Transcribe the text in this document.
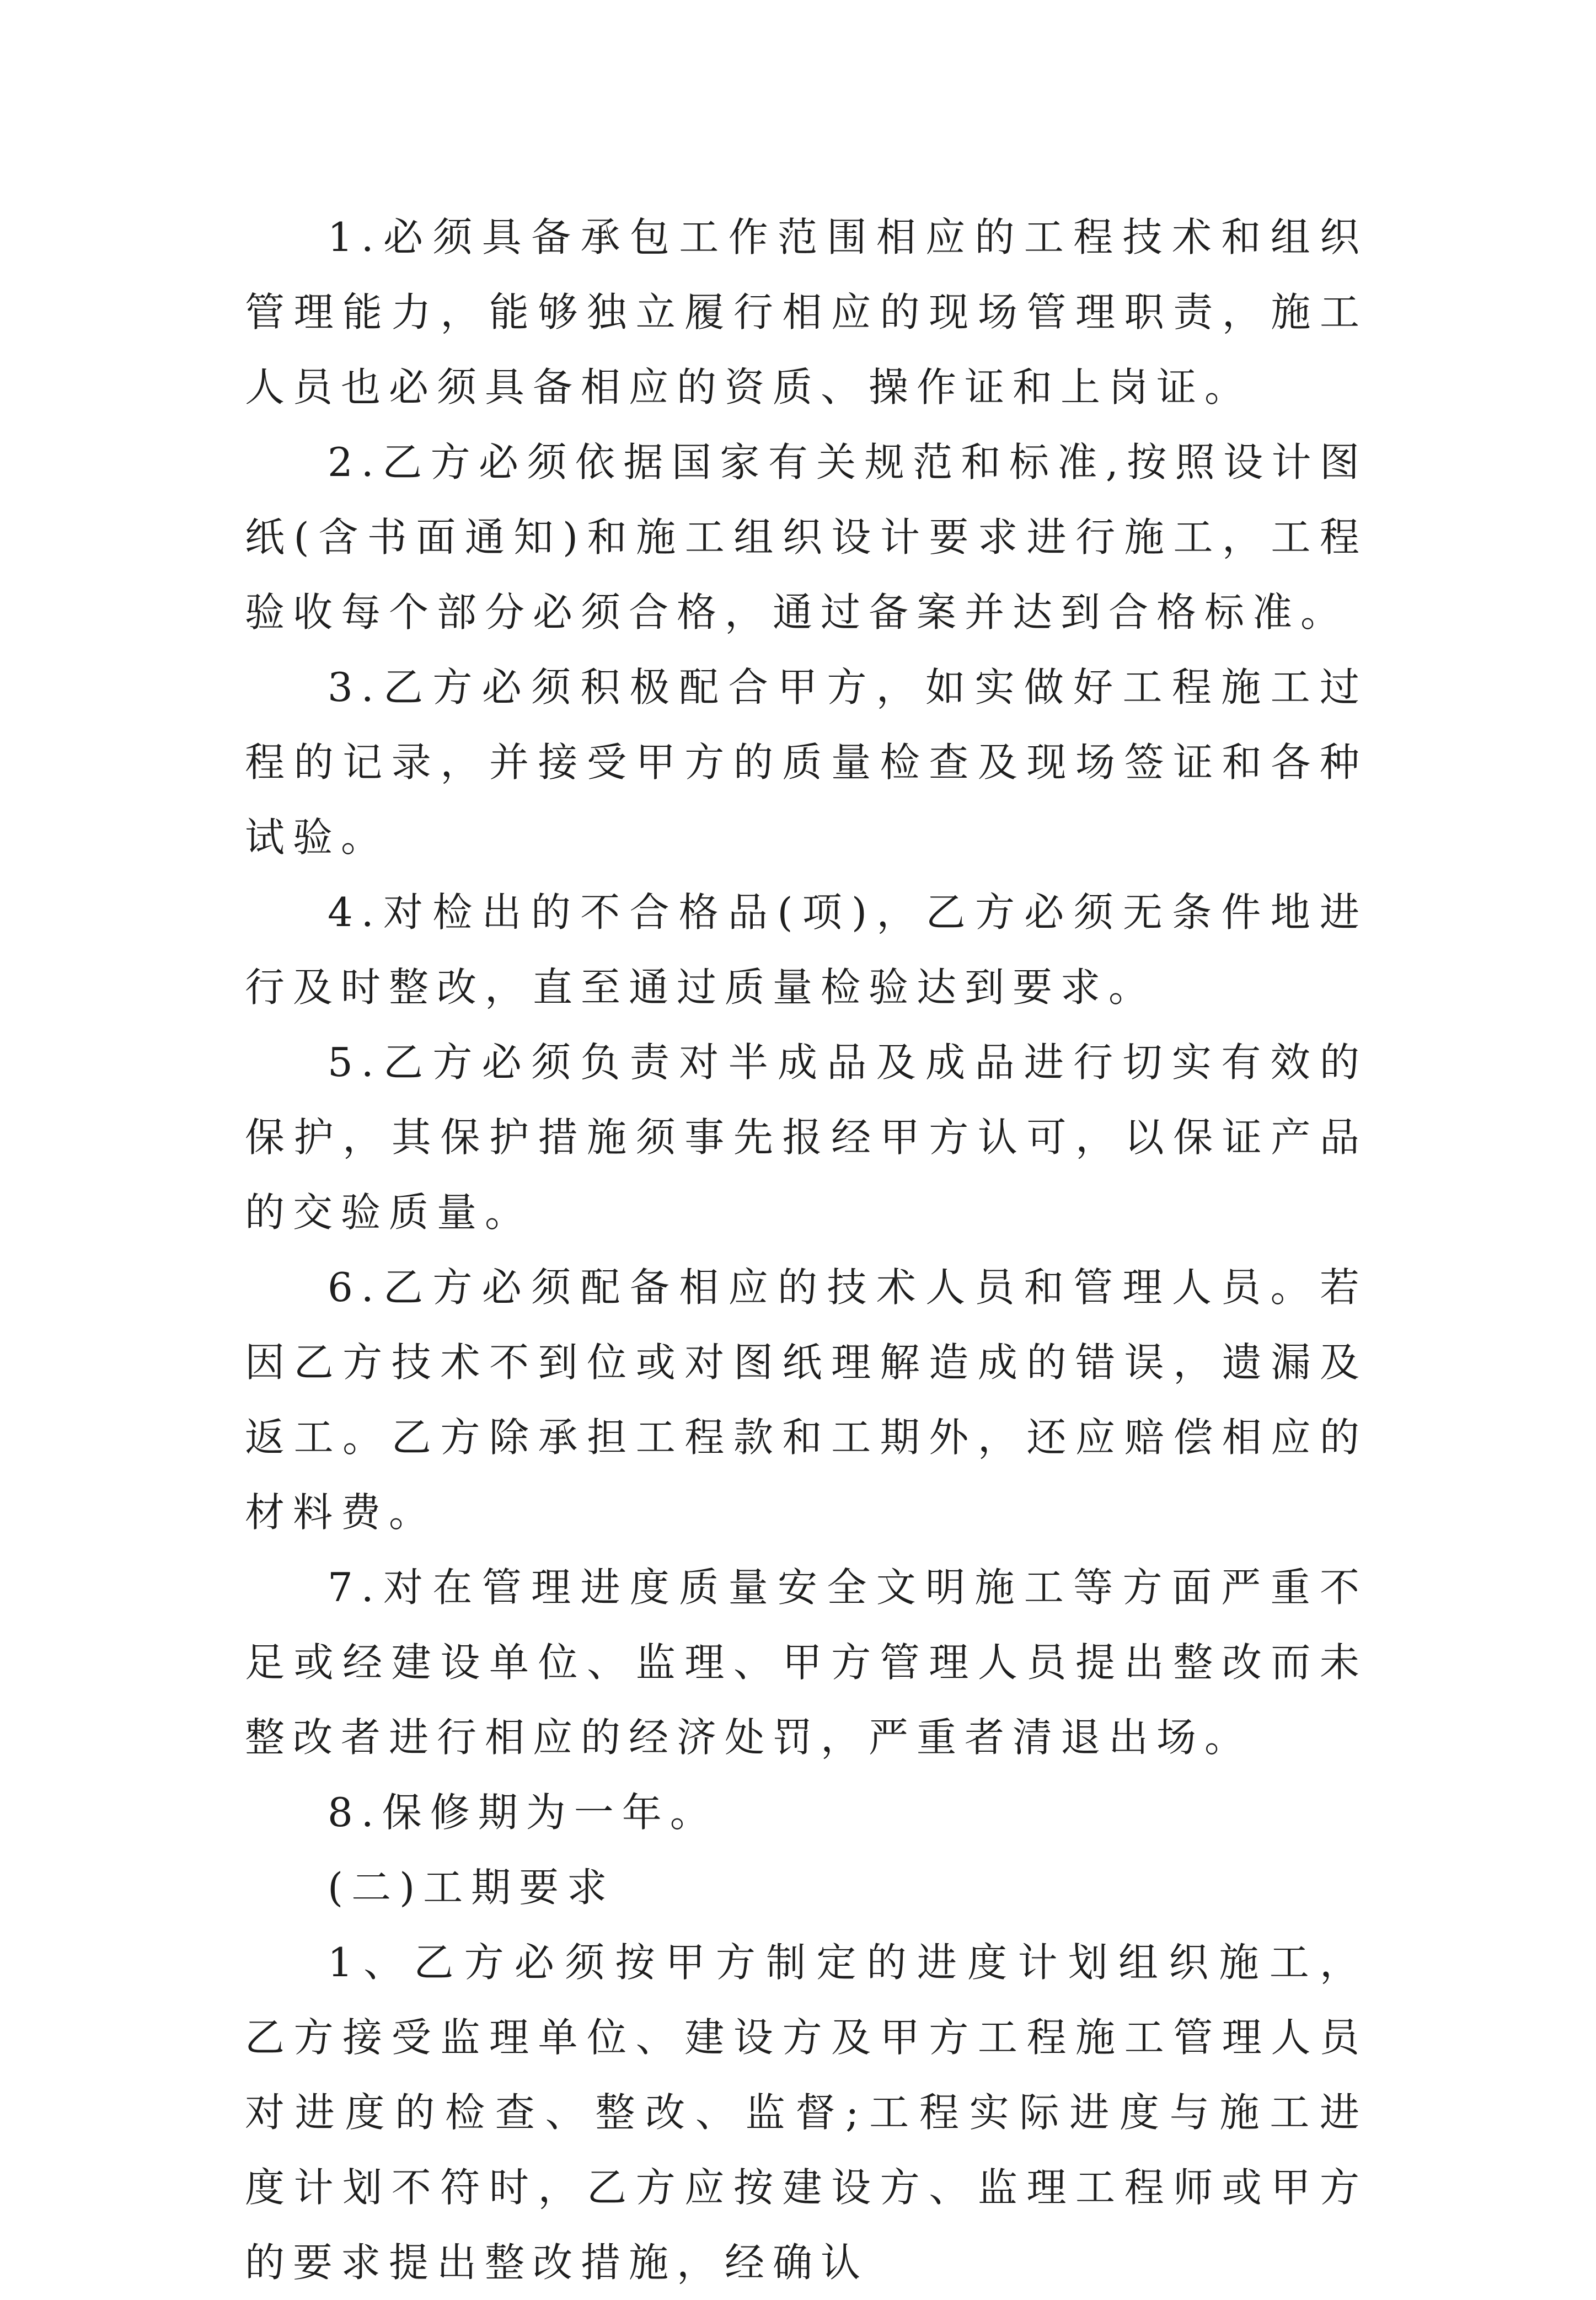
1.必须具备承包工作范围相应的工程技术和组织管理能力，能够独立履行相应的现场管理职责，施工人员也必须具备相应的资质、操作证和上岗证。

2.乙方必须依据国家有关规范和标准,按照设计图纸(含书面通知)和施工组织设计要求进行施工，工程验收每个部分必须合格，通过备案并达到合格标准。

3.乙方必须积极配合甲方，如实做好工程施工过程的记录，并接受甲方的质量检查及现场签证和各种试验。

4.对检出的不合格品(项)，乙方必须无条件地进行及时整改，直至通过质量检验达到要求。

5.乙方必须负责对半成品及成品进行切实有效的保护，其保护措施须事先报经甲方认可，以保证产品的交验质量。

6.乙方必须配备相应的技术人员和管理人员。若因乙方技术不到位或对图纸理解造成的错误，遗漏及返工。乙方除承担工程款和工期外，还应赔偿相应的材料费。

7.对在管理进度质量安全文明施工等方面严重不足或经建设单位、监理、甲方管理人员提出整改而未整改者进行相应的经济处罚，严重者清退出场。

8.保修期为一年。

(二)工期要求

1、乙方必须按甲方制定的进度计划组织施工，乙方接受监理单位、建设方及甲方工程施工管理人员对进度的检查、整改、监督;工程实际进度与施工进度计划不符时，乙方应按建设方、监理工程师或甲方的要求提出整改措施，经确认
